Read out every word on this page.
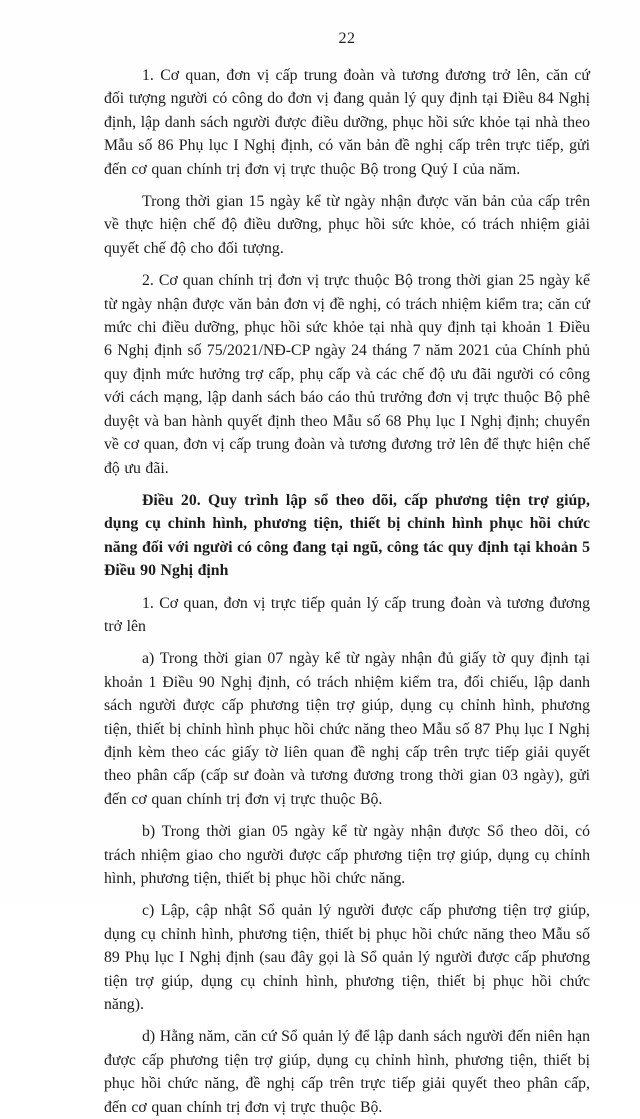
22

1. Cơ quan, đơn vị cấp trung đoàn và tương đương trở lên, căn cứ đối tượng người có công do đơn vị đang quản lý quy định tại Điều 84 Nghị định, lập danh sách người được điều dưỡng, phục hồi sức khỏe tại nhà theo Mẫu số 86 Phụ lục I Nghị định, có văn bản đề nghị cấp trên trực tiếp, gửi đến cơ quan chính trị đơn vị trực thuộc Bộ trong Quý I của năm.

Trong thời gian 15 ngày kể từ ngày nhận được văn bản của cấp trên về thực hiện chế độ điều dưỡng, phục hồi sức khỏe, có trách nhiệm giải quyết chế độ cho đối tượng.

2. Cơ quan chính trị đơn vị trực thuộc Bộ trong thời gian 25 ngày kể từ ngày nhận được văn bản đơn vị đề nghị, có trách nhiệm kiểm tra; căn cứ mức chi điều dưỡng, phục hồi sức khỏe tại nhà quy định tại khoản 1 Điều 6 Nghị định số 75/2021/NĐ-CP ngày 24 tháng 7 năm 2021 của Chính phủ quy định mức hưởng trợ cấp, phụ cấp và các chế độ ưu đãi người có công với cách mạng, lập danh sách báo cáo thủ trưởng đơn vị trực thuộc Bộ phê duyệt và ban hành quyết định theo Mẫu số 68 Phụ lục I Nghị định; chuyển về cơ quan, đơn vị cấp trung đoàn và tương đương trở lên để thực hiện chế độ ưu đãi.

Điều 20. Quy trình lập sổ theo dõi, cấp phương tiện trợ giúp, dụng cụ chỉnh hình, phương tiện, thiết bị chỉnh hình phục hồi chức năng đối với người có công đang tại ngũ, công tác quy định tại khoản 5 Điều 90 Nghị định

1. Cơ quan, đơn vị trực tiếp quản lý cấp trung đoàn và tương đương trở lên

a) Trong thời gian 07 ngày kể từ ngày nhận đủ giấy tờ quy định tại khoản 1 Điều 90 Nghị định, có trách nhiệm kiểm tra, đối chiếu, lập danh sách người được cấp phương tiện trợ giúp, dụng cụ chỉnh hình, phương tiện, thiết bị chỉnh hình phục hồi chức năng theo Mẫu số 87 Phụ lục I Nghị định kèm theo các giấy tờ liên quan đề nghị cấp trên trực tiếp giải quyết theo phân cấp (cấp sư đoàn và tương đương trong thời gian 03 ngày), gửi đến cơ quan chính trị đơn vị trực thuộc Bộ.

b) Trong thời gian 05 ngày kể từ ngày nhận được Sổ theo dõi, có trách nhiệm giao cho người được cấp phương tiện trợ giúp, dụng cụ chỉnh hình, phương tiện, thiết bị phục hồi chức năng.

c) Lập, cập nhật Sổ quản lý người được cấp phương tiện trợ giúp, dụng cụ chỉnh hình, phương tiện, thiết bị phục hồi chức năng theo Mẫu số 89 Phụ lục I Nghị định (sau đây gọi là Sổ quản lý người được cấp phương tiện trợ giúp, dụng cụ chỉnh hình, phương tiện, thiết bị phục hồi chức năng).

d) Hằng năm, căn cứ Sổ quản lý để lập danh sách người đến niên hạn được cấp phương tiện trợ giúp, dụng cụ chỉnh hình, phương tiện, thiết bị phục hồi chức năng, đề nghị cấp trên trực tiếp giải quyết theo phân cấp, đến cơ quan chính trị đơn vị trực thuộc Bộ.
